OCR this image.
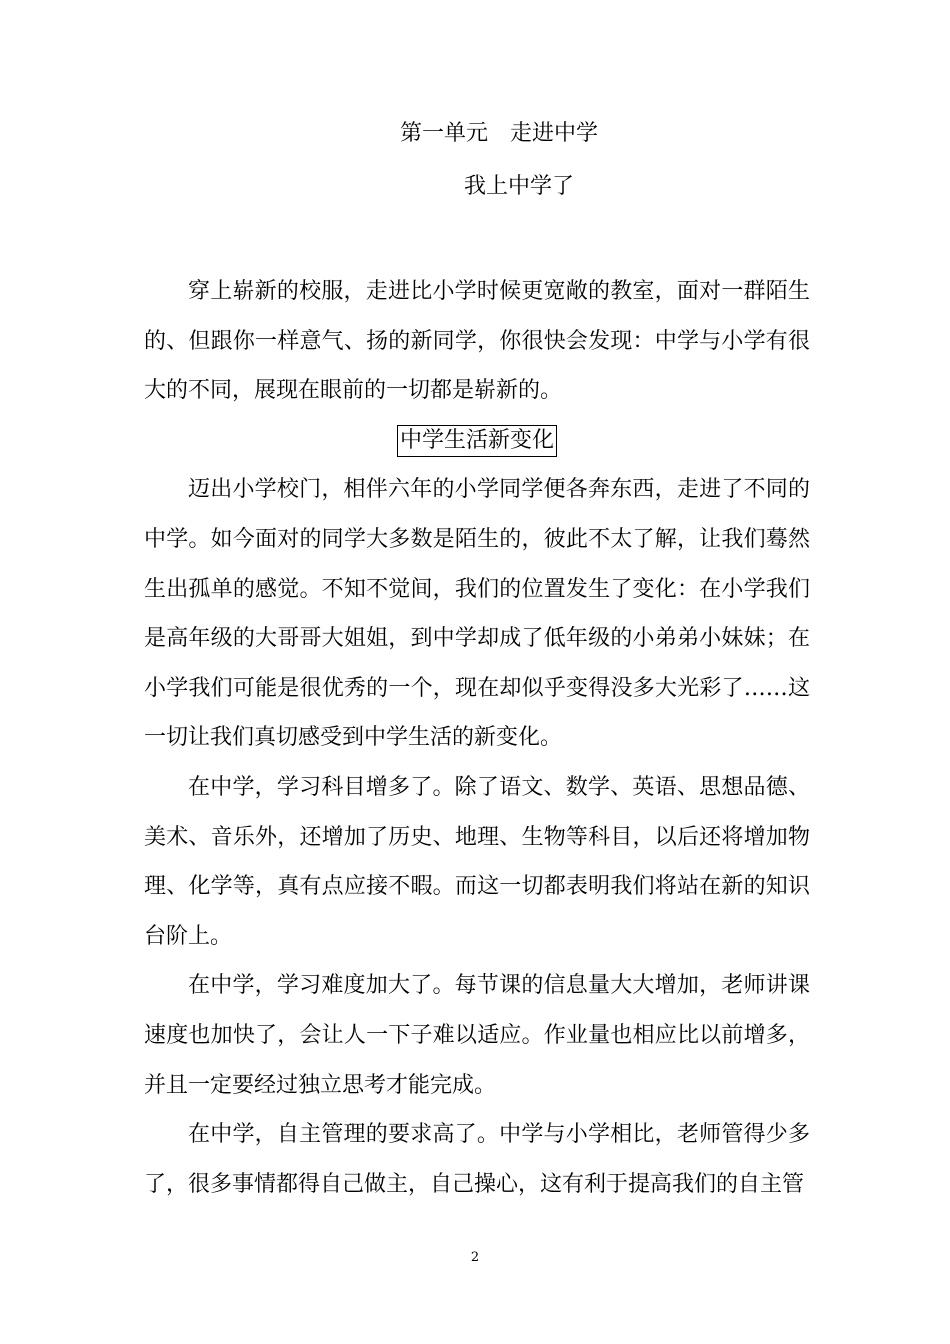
第一单元 走进中学
我上中学了

穿上崭新的校服，走进比小学时候更宽敞的教室，面对一群陌生的、但跟你一样意气、扬的新同学，你很快会发现：中学与小学有很大的不同，展现在眼前的一切都是崭新的。

中学生活新变化

迈出小学校门，相伴六年的小学同学便各奔东西，走进了不同的中学。如今面对的同学大多数是陌生的，彼此不太了解，让我们蓦然生出孤单的感觉。不知不觉间，我们的位置发生了变化：在小学我们是高年级的大哥哥大姐姐，到中学却成了低年级的小弟弟小妹妹；在小学我们可能是很优秀的一个，现在却似乎变得没多大光彩了……这一切让我们真切感受到中学生活的新变化。

在中学，学习科目增多了。除了语文、数学、英语、思想品德、美术、音乐外，还增加了历史、地理、生物等科目，以后还将增加物理、化学等，真有点应接不暇。而这一切都表明我们将站在新的知识台阶上。

在中学，学习难度加大了。每节课的信息量大大增加，老师讲课速度也加快了，会让人一下子难以适应。作业量也相应比以前增多，并且一定要经过独立思考才能完成。

在中学，自主管理的要求高了。中学与小学相比，老师管得少多了，很多事情都得自己做主，自己操心，这有利于提高我们的自主管

2
